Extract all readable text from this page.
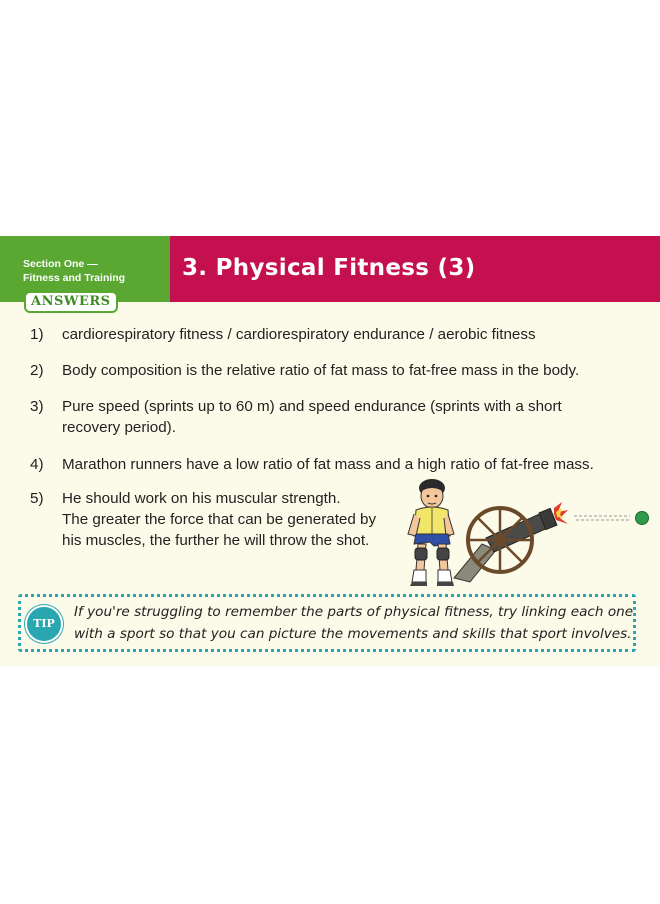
Section One —
Fitness and Training 3. Physical Fitness (3)
ANSWERS
1)	cardiorespiratory fitness / cardiorespiratory endurance / aerobic fitness
2)	Body composition is the relative ratio of fat mass to fat-free mass in the body.
3)	Pure speed (sprints up to 60 m) and speed endurance (sprints with a short
recovery period).
4)	Marathon runners have a low ratio of fat mass and a high ratio of fat-free mass.
5)	He should work on his muscular strength.
The greater the force that can be generated by
his muscles, the further he will throw the shot.
TIP
If you're struggling to remember the parts of physical fitness, try linking each one
with a sport so that you can picture the movements and skills that sport involves.
